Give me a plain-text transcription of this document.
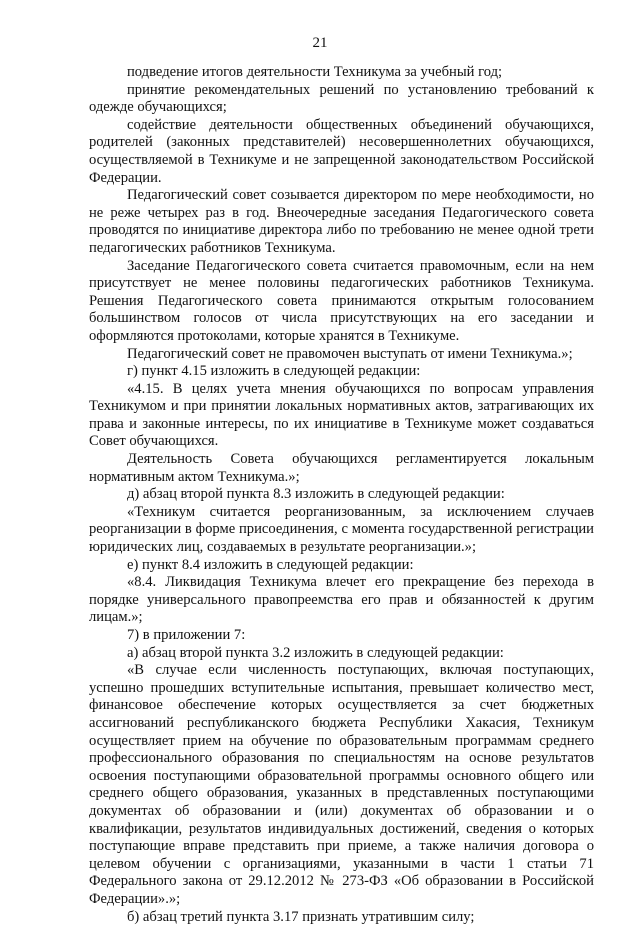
21

подведение итогов деятельности Техникума за учебный год;

принятие рекомендательных решений по установлению требований к одежде обучающихся;

содействие деятельности общественных объединений обучающихся, родителей (законных представителей) несовершеннолетних обучающихся, осуществляемой в Техникуме и не запрещенной законодательством Российской Федерации.

Педагогический совет созывается директором по мере необходимости, но не реже четырех раз в год. Внеочередные заседания Педагогического совета проводятся по инициативе директора либо по требованию не менее одной трети педагогических работников Техникума.

Заседание Педагогического совета считается правомочным, если на нем присутствует не менее половины педагогических работников Техникума. Решения Педагогического совета принимаются открытым голосованием большинством голосов от числа присутствующих на его заседании и оформляются протоколами, которые хранятся в Техникуме.

Педагогический совет не правомочен выступать от имени Техникума.»;

г) пункт 4.15 изложить в следующей редакции:

«4.15. В целях учета мнения обучающихся по вопросам управления Техникумом и при принятии локальных нормативных актов, затрагивающих их права и законные интересы, по их инициативе в Техникуме может создаваться Совет обучающихся.

Деятельность Совета обучающихся регламентируется локальным нормативным актом Техникума.»;

д) абзац второй пункта 8.3 изложить в следующей редакции:

«Техникум считается реорганизованным, за исключением случаев реорганизации в форме присоединения, с момента государственной регистрации юридических лиц, создаваемых в результате реорганизации.»;

е) пункт 8.4 изложить в следующей редакции:

«8.4. Ликвидация Техникума влечет его прекращение без перехода в порядке универсального правопреемства его прав и обязанностей к другим лицам.»;

7) в приложении 7:

а) абзац второй пункта 3.2 изложить в следующей редакции:

«В случае если численность поступающих, включая поступающих, успешно прошедших вступительные испытания, превышает количество мест, финансовое обеспечение которых осуществляется за счет бюджетных ассигнований республиканского бюджета Республики Хакасия, Техникум осуществляет прием на обучение по образовательным программам среднего профессионального образования по специальностям на основе результатов освоения поступающими образовательной программы основного общего или среднего общего образования, указанных в представленных поступающими документах об образовании и (или) документах об образовании и о квалификации, результатов индивидуальных достижений, сведения о которых поступающие вправе представить при приеме, а также наличия договора о целевом обучении с организациями, указанными в части 1 статьи 71 Федерального закона от 29.12.2012 № 273-ФЗ «Об образовании в Российской Федерации».»;

б) абзац третий пункта 3.17 признать утратившим силу;
